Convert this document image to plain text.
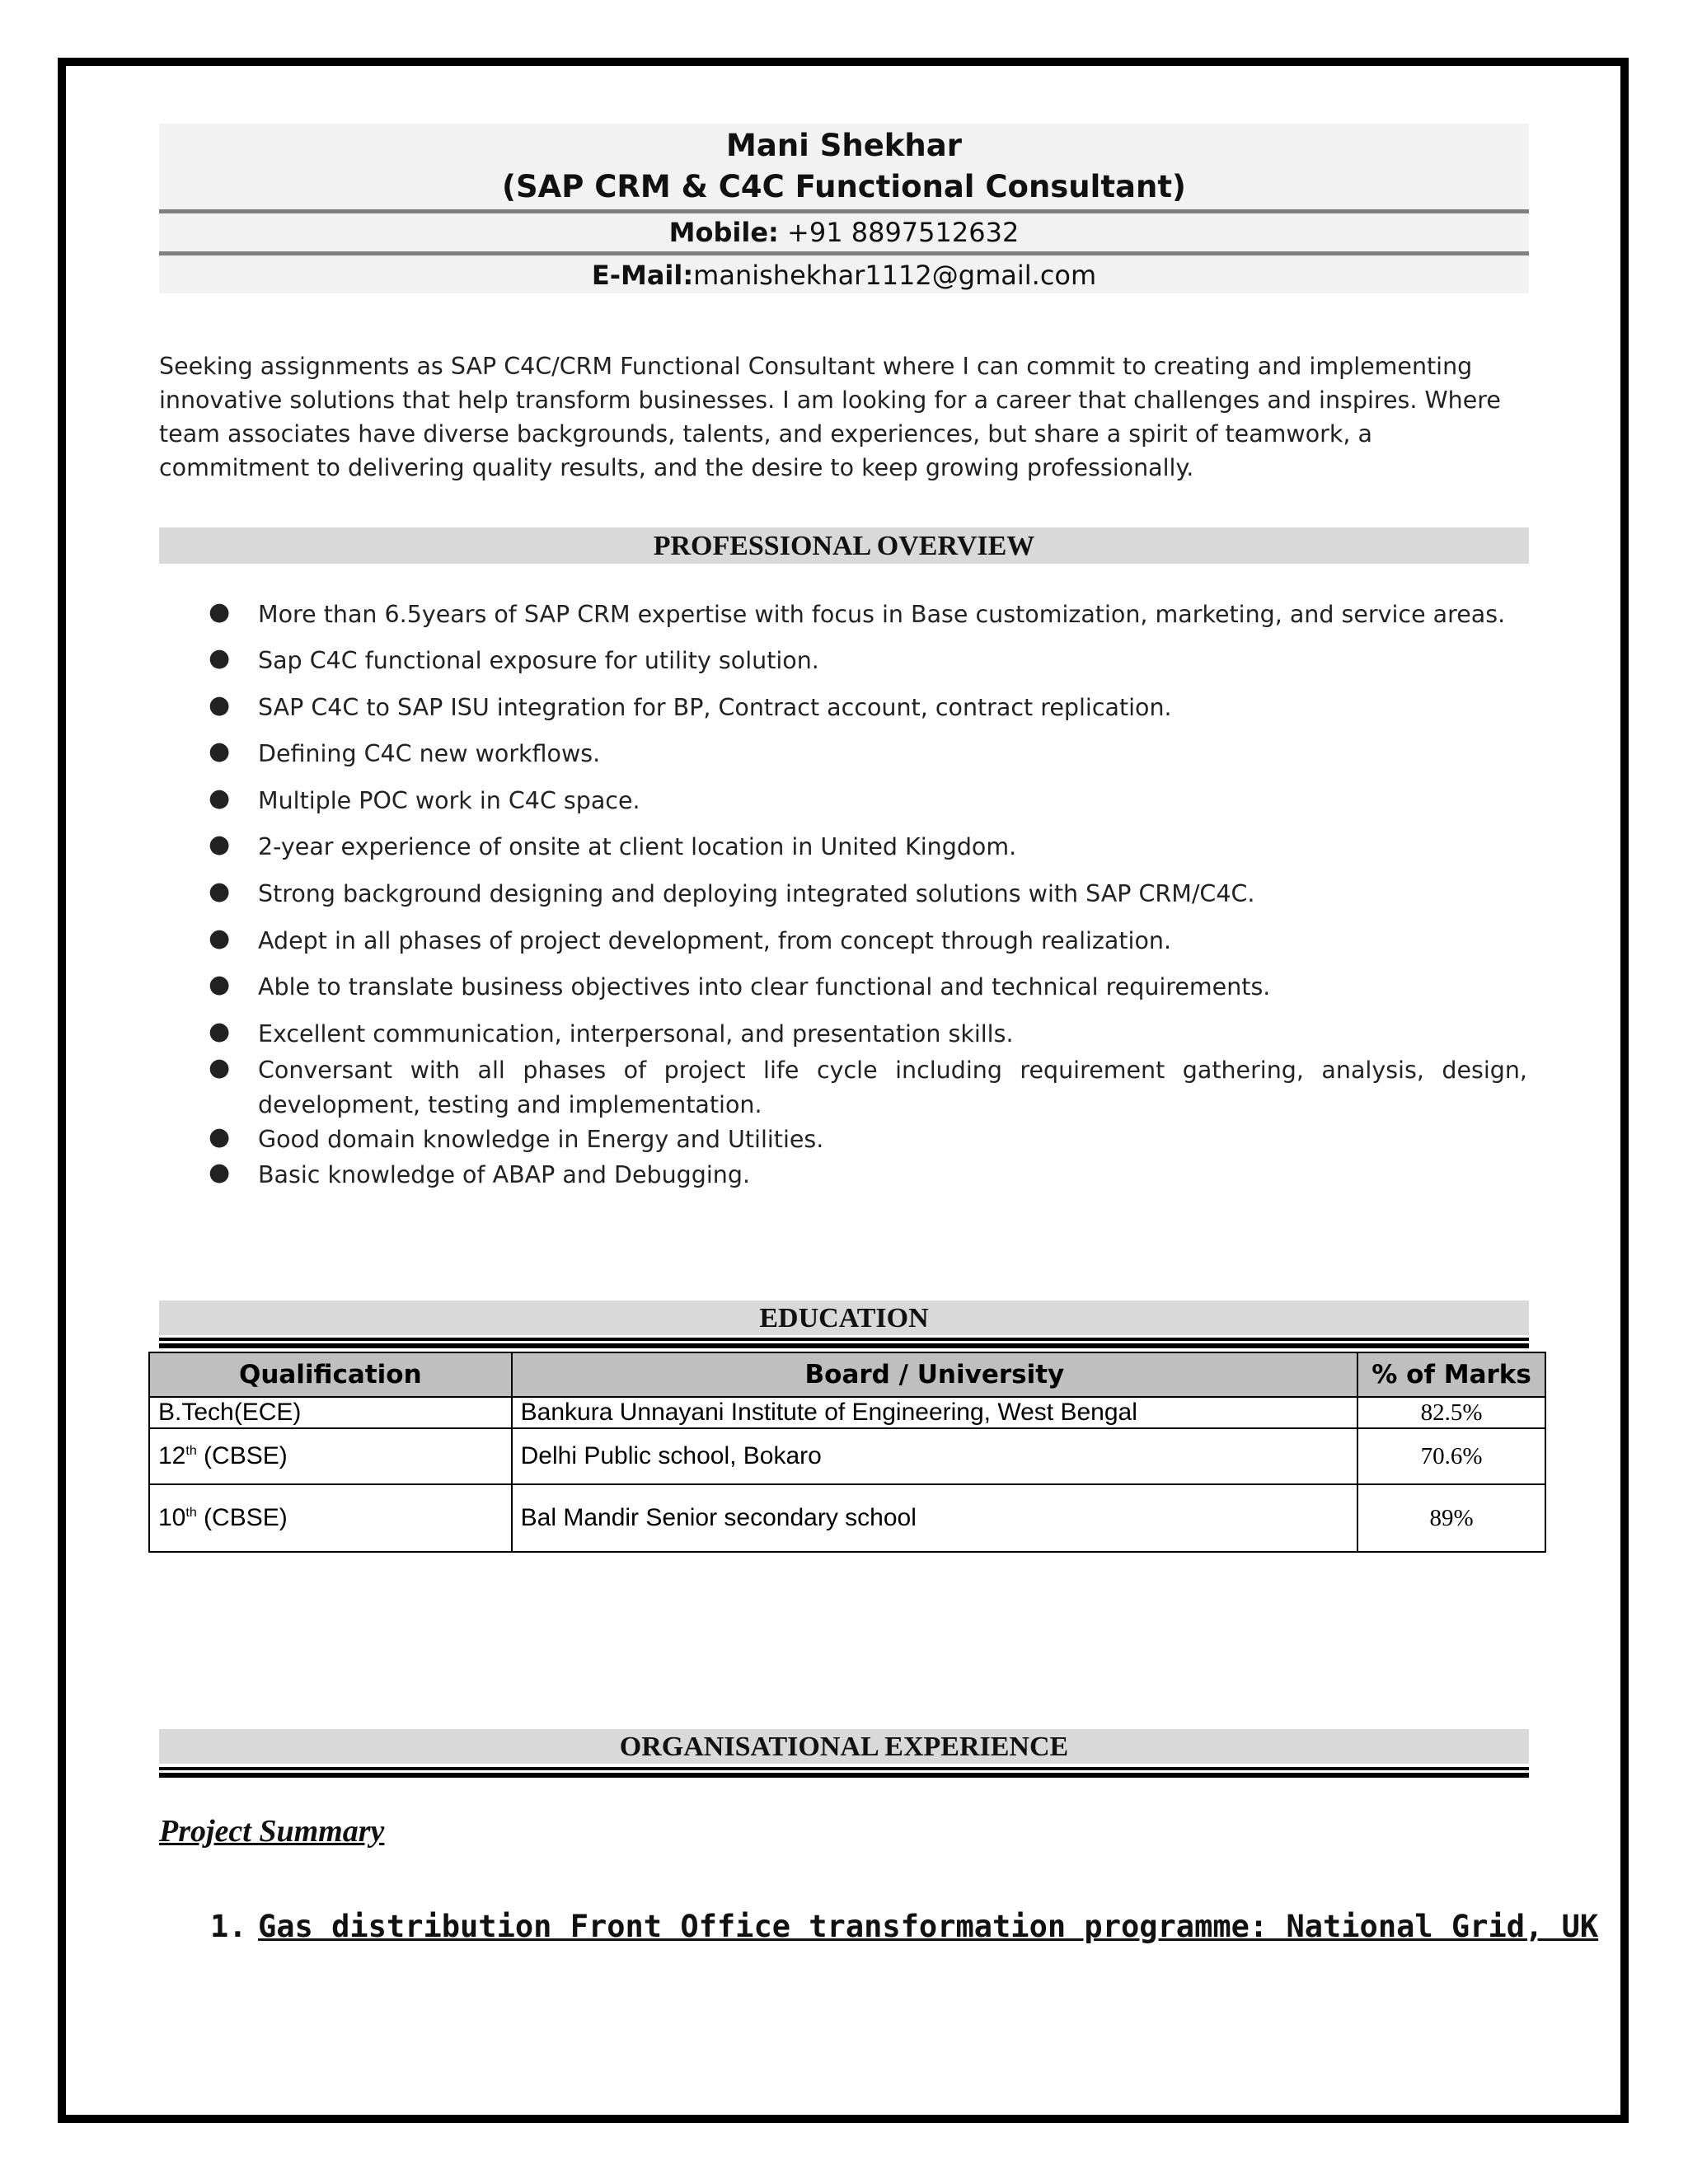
Mani Shekhar
(SAP CRM & C4C Functional Consultant)
Mobile: +91 8897512632
E-Mail:manishekhar1112@gmail.com
Seeking assignments as SAP C4C/CRM Functional Consultant where I can commit to creating and implementing innovative solutions that help transform businesses. I am looking for a career that challenges and inspires. Where team associates have diverse backgrounds, talents, and experiences, but share a spirit of teamwork, a commitment to delivering quality results, and the desire to keep growing professionally.
PROFESSIONAL OVERVIEW
● More than 6.5years of SAP CRM expertise with focus in Base customization, marketing, and service areas.
● Sap C4C functional exposure for utility solution.
● SAP C4C to SAP ISU integration for BP, Contract account, contract replication.
● Defining C4C new workflows.
● Multiple POC work in C4C space.
● 2-year experience of onsite at client location in United Kingdom.
● Strong background designing and deploying integrated solutions with SAP CRM/C4C.
● Adept in all phases of project development, from concept through realization.
● Able to translate business objectives into clear functional and technical requirements.
● Excellent communication, interpersonal, and presentation skills.
● Conversant with all phases of project life cycle including requirement gathering, analysis, design, development, testing and implementation.
● Good domain knowledge in Energy and Utilities.
● Basic knowledge of ABAP and Debugging.
EDUCATION
Qualification	Board / University	% of Marks
B.Tech(ECE)	Bankura Unnayani Institute of Engineering, West Bengal	82.5%
12th (CBSE)	Delhi Public school, Bokaro	70.6%
10th (CBSE)	Bal Mandir Senior secondary school	89%
ORGANISATIONAL EXPERIENCE
Project Summary
1. Gas distribution Front Office transformation programme: National Grid, UK
